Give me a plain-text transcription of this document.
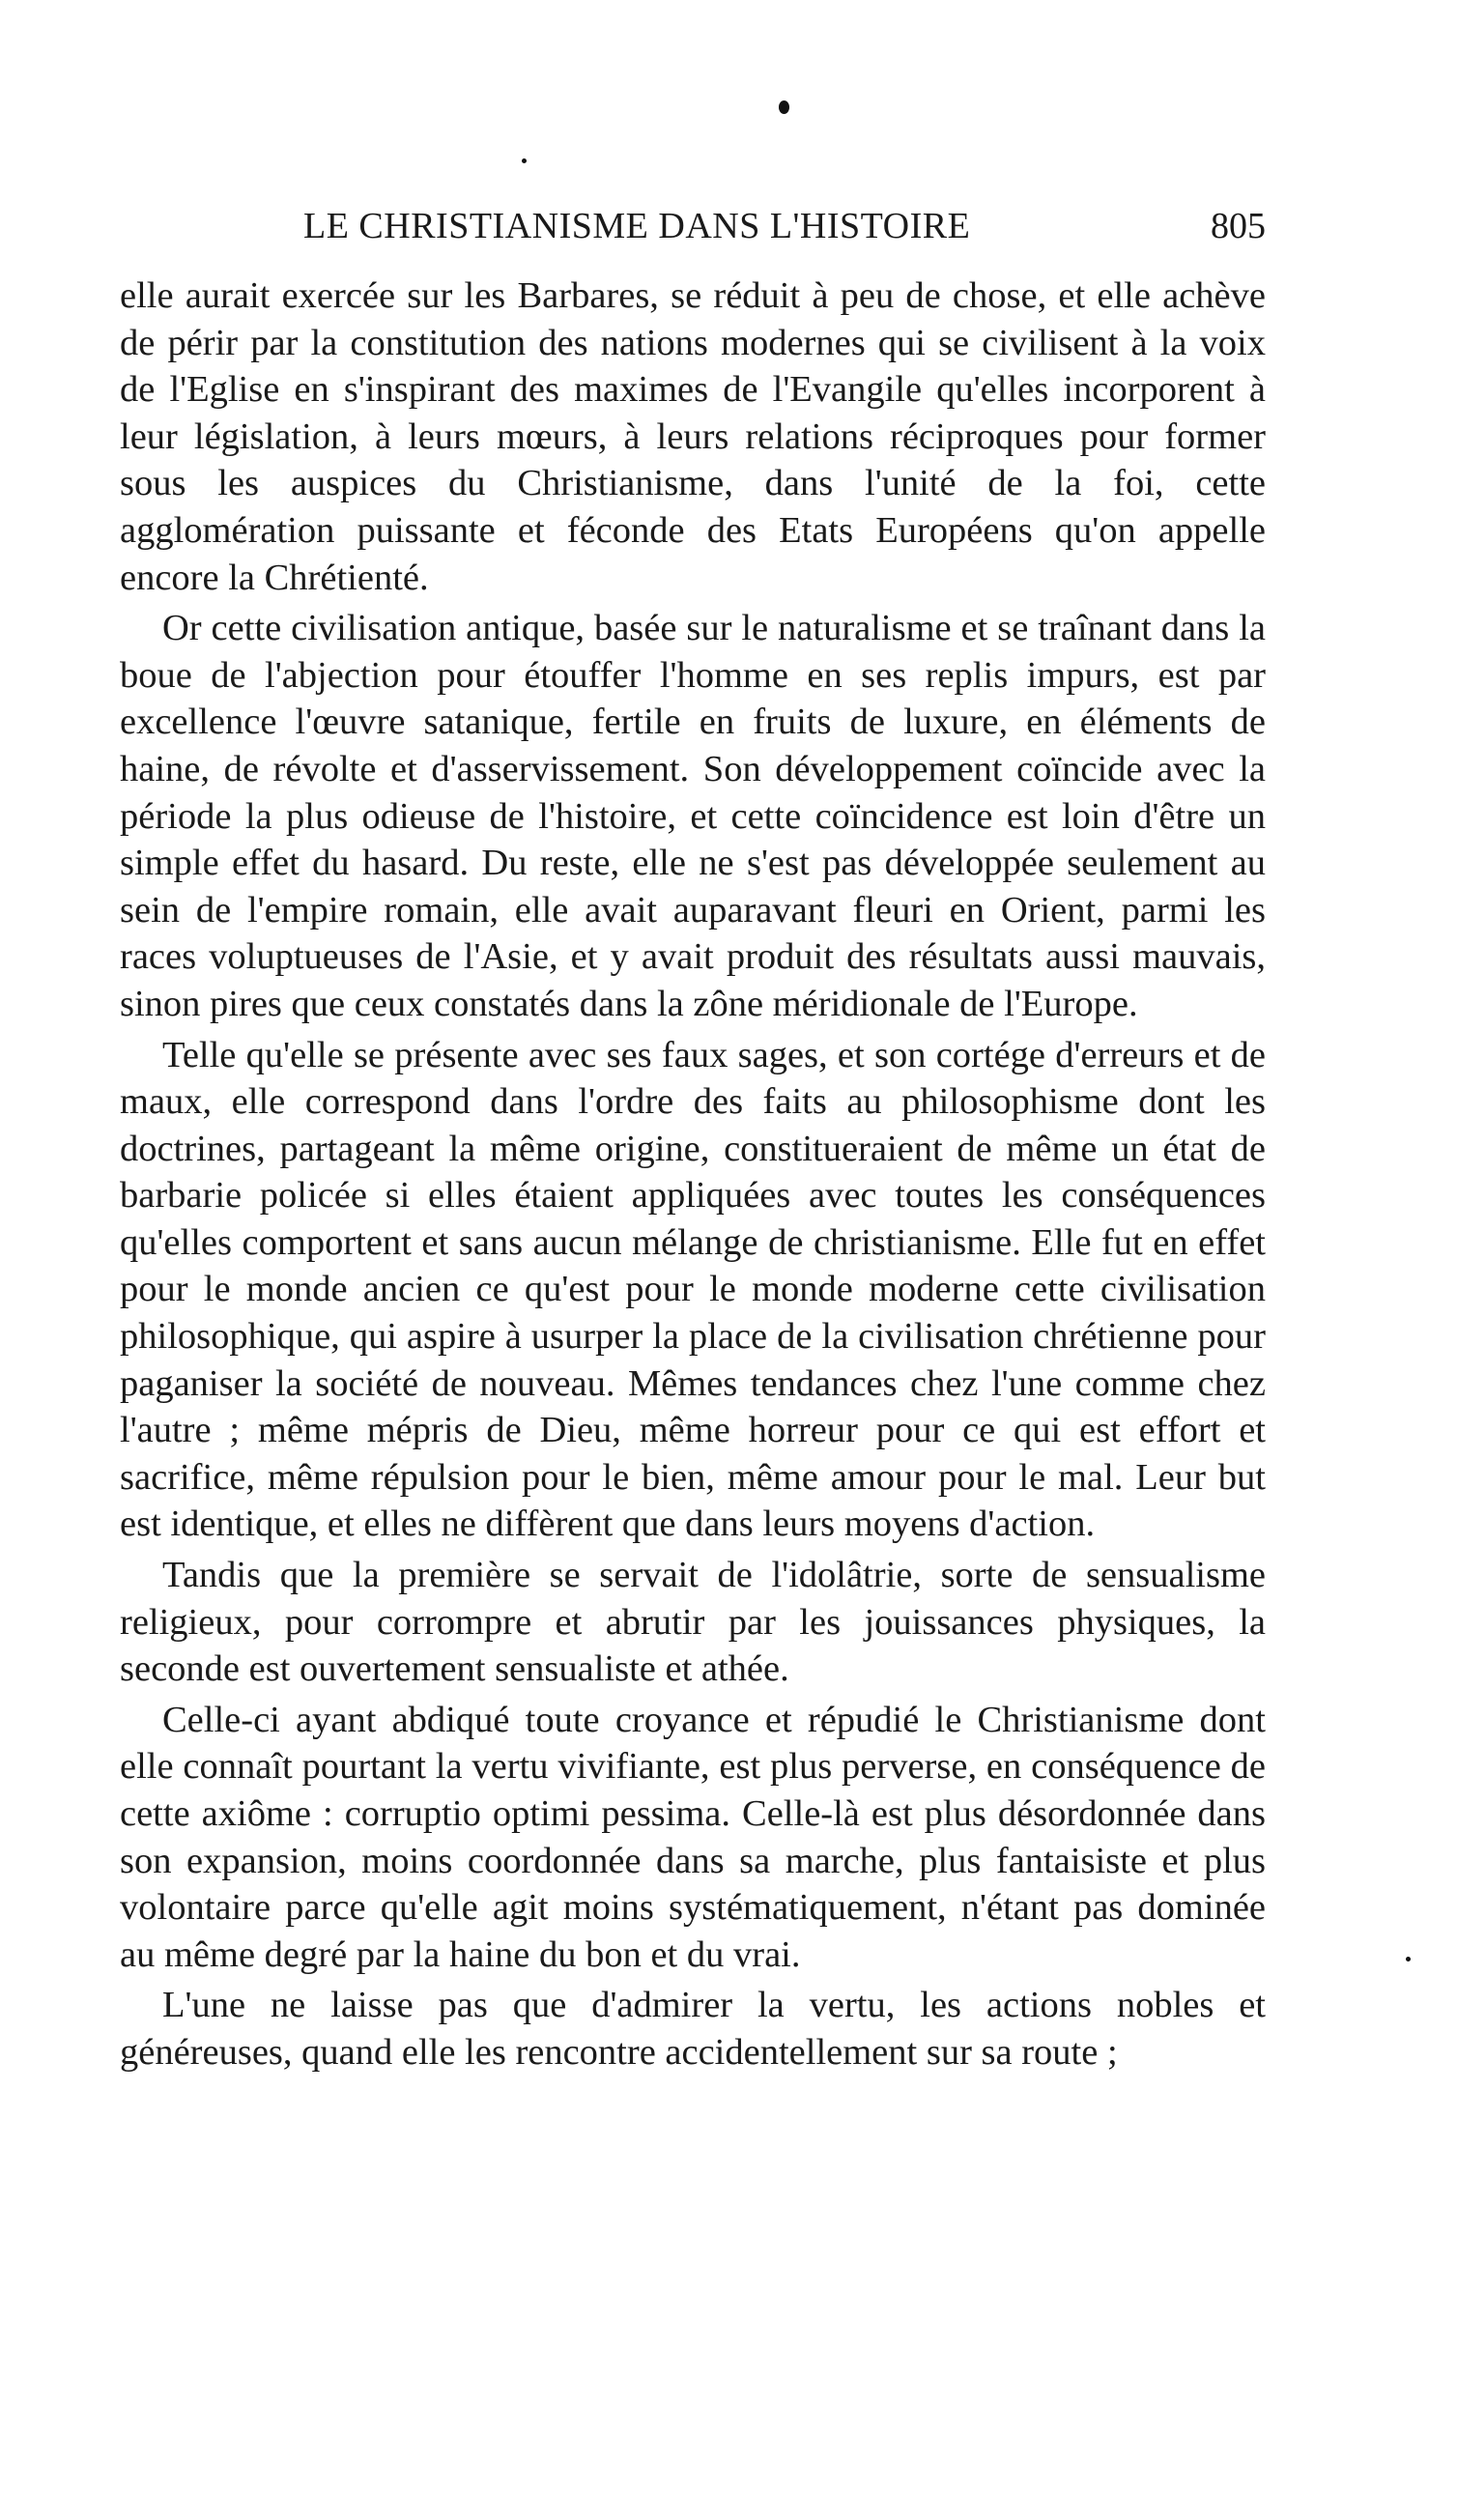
LE CHRISTIANISME DANS L'HISTOIRE	805

elle aurait exercée sur les Barbares, se réduit à peu de chose, et elle achève de périr par la constitution des nations modernes qui se civilisent à la voix de l'Eglise en s'inspirant des maximes de l'Evangile qu'elles incorporent à leur législation, à leurs mœurs, à leurs relations réciproques pour former sous les auspices du Christianisme, dans l'unité de la foi, cette agglomération puissante et féconde des Etats Européens qu'on appelle encore la Chrétienté.

Or cette civilisation antique, basée sur le naturalisme et se traînant dans la boue de l'abjection pour étouffer l'homme en ses replis impurs, est par excellence l'œuvre satanique, fertile en fruits de luxure, en éléments de haine, de révolte et d'asservissement. Son développement coïncide avec la période la plus odieuse de l'histoire, et cette coïncidence est loin d'être un simple effet du hasard. Du reste, elle ne s'est pas développée seulement au sein de l'empire romain, elle avait auparavant fleuri en Orient, parmi les races voluptueuses de l'Asie, et y avait produit des résultats aussi mauvais, sinon pires que ceux constatés dans la zône méridionale de l'Europe.

Telle qu'elle se présente avec ses faux sages, et son cortége d'erreurs et de maux, elle correspond dans l'ordre des faits au philosophisme dont les doctrines, partageant la même origine, constitueraient de même un état de barbarie policée si elles étaient appliquées avec toutes les conséquences qu'elles comportent et sans aucun mélange de christianisme. Elle fut en effet pour le monde ancien ce qu'est pour le monde moderne cette civilisation philosophique, qui aspire à usurper la place de la civilisation chrétienne pour paganiser la société de nouveau. Mêmes tendances chez l'une comme chez l'autre ; même mépris de Dieu, même horreur pour ce qui est effort et sacrifice, même répulsion pour le bien, même amour pour le mal. Leur but est identique, et elles ne diffèrent que dans leurs moyens d'action.

Tandis que la première se servait de l'idolâtrie, sorte de sensualisme religieux, pour corrompre et abrutir par les jouissances physiques, la seconde est ouvertement sensualiste et athée.

Celle-ci ayant abdiqué toute croyance et répudié le Christianisme dont elle connaît pourtant la vertu vivifiante, est plus perverse, en conséquence de cette axiôme : corruptio optimi pessima. Celle-là est plus désordonnée dans son expansion, moins coordonnée dans sa marche, plus fantaisiste et plus volontaire parce qu'elle agit moins systématiquement, n'étant pas dominée au même degré par la haine du bon et du vrai.

L'une ne laisse pas que d'admirer la vertu, les actions nobles et généreuses, quand elle les rencontre accidentellement sur sa route ;
